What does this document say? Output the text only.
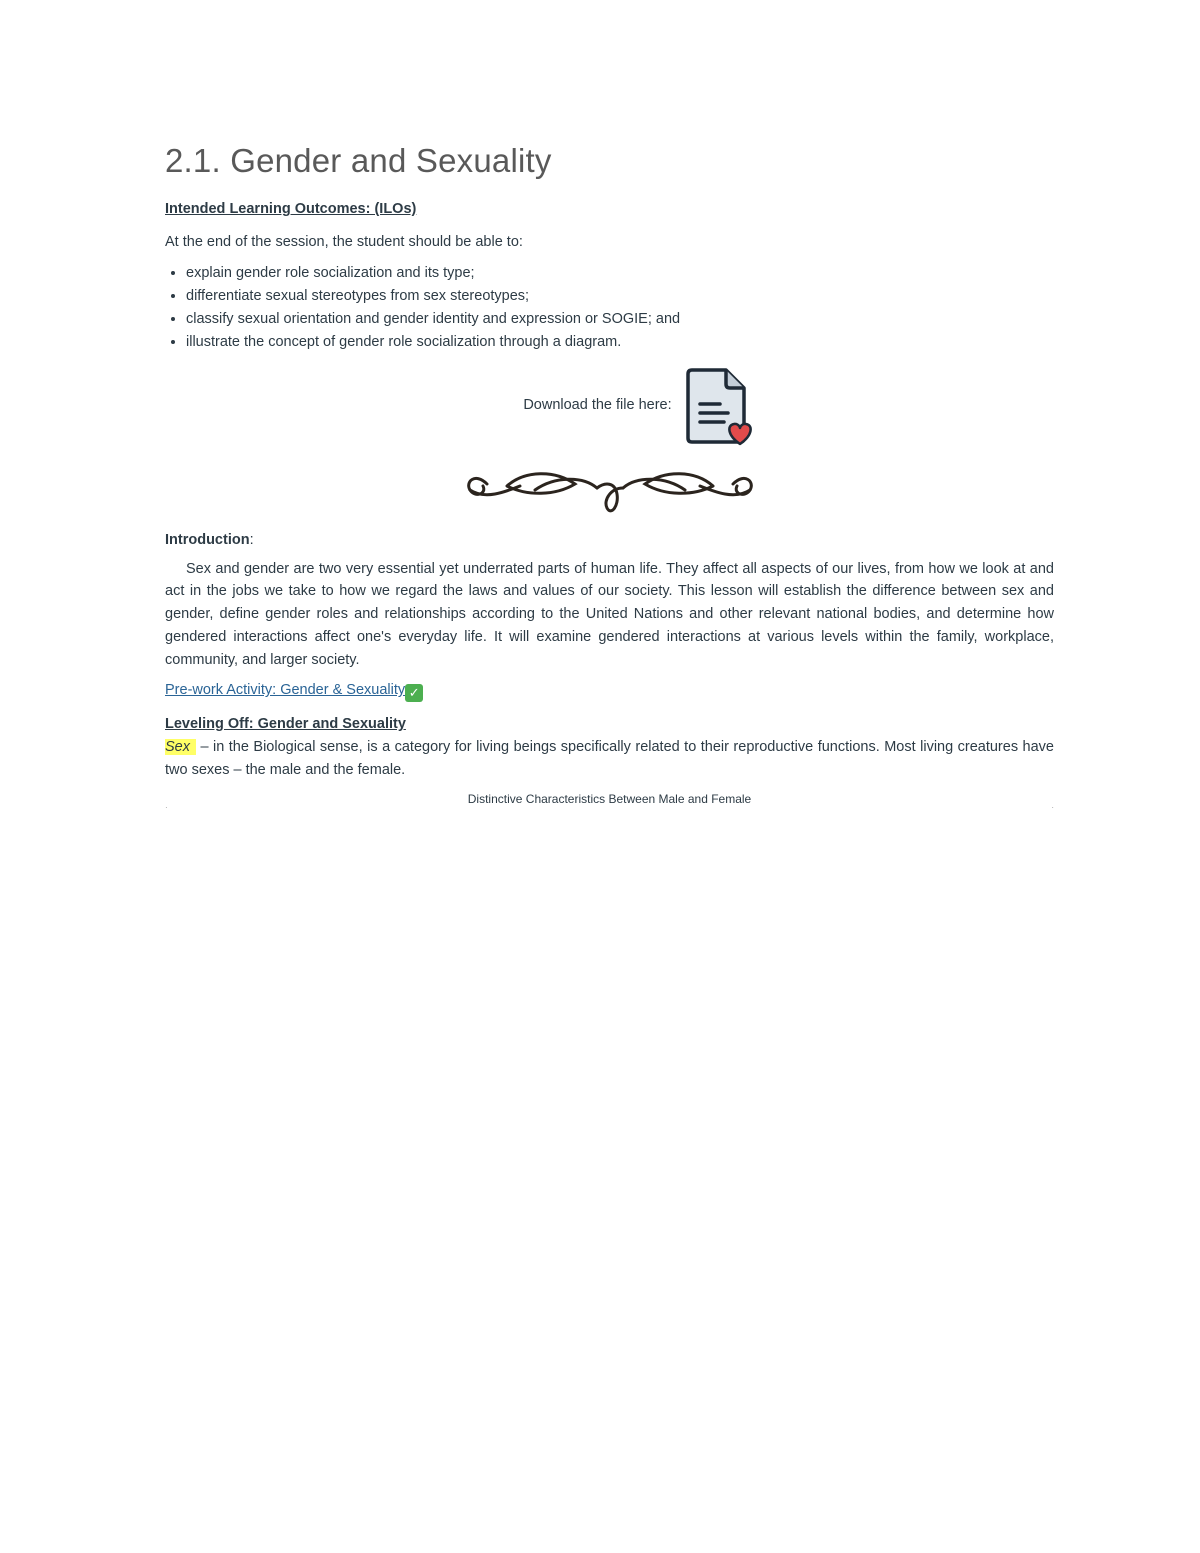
2.1. Gender and Sexuality

Intended Learning Outcomes: (ILOs)

At the end of the session, the student should be able to:

• explain gender role socialization and its type;
• differentiate sexual stereotypes from sex stereotypes;
• classify sexual orientation and gender identity and expression or SOGIE; and
• illustrate the concept of gender role socialization through a diagram.
Download the file here:

Introduction:

Sex and gender are two very essential yet underrated parts of human life. They affect all aspects of our lives, from how we look at and act in the jobs we take to how we regard the laws and values of our society. This lesson will establish the difference between sex and gender, define gender roles and relationships according to the United Nations and other relevant national bodies, and determine how gendered interactions affect one's everyday life. It will examine gendered interactions at various levels within the family, workplace, community, and larger society.

Pre-work Activity: Gender & Sexuality ✓

Leveling Off: Gender and Sexuality

Sex – in the Biological sense, is a category for living beings specifically related to their reproductive functions. Most living creatures have two sexes – the male and the female.

Distinctive Characteristics Between Male and Female
·	·
